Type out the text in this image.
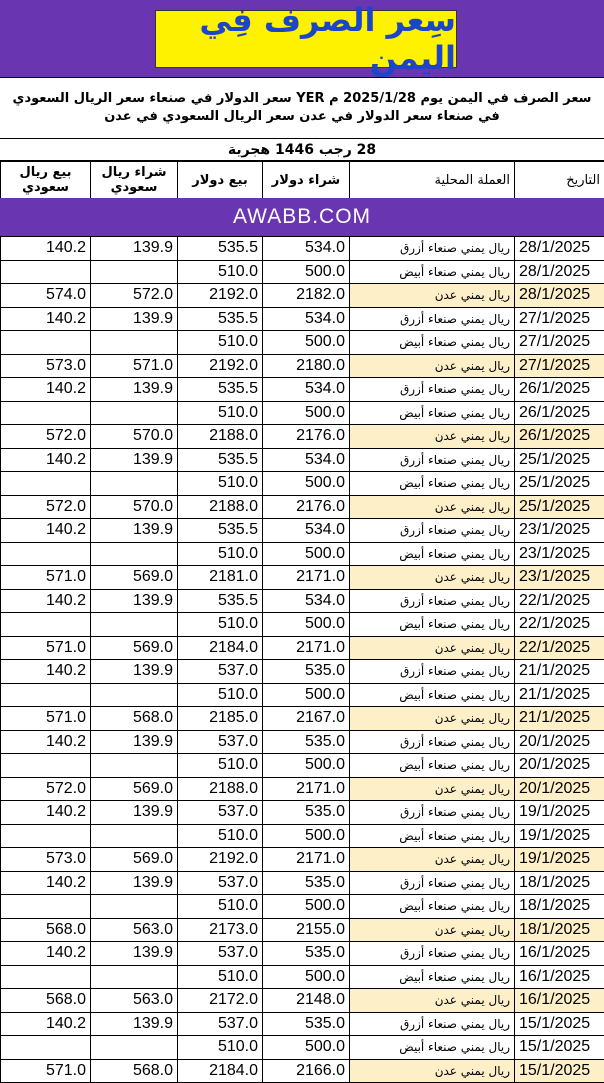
سِعر الصرف فِي اليمن
سعر الصرف في اليمن يوم 2025/1/28 م YER سعر الدولار في صنعاء سعر الريال السعودي في صنعاء سعر الدولار في عدن سعر الريال السعودي في عدن
28 رجب 1446 هجرية
التاريخ	العملة المحلية	شراء دولار	بيع دولار	شراء ريال سعودي	بيع ريال سعودي
AWABB.COM
28/1/2025	ريال يمني صنعاء أزرق	534.0	535.5	139.9	140.2
28/1/2025	ريال يمني صنعاء أبيض	500.0	510.0		
28/1/2025	ريال يمني عدن	2182.0	2192.0	572.0	574.0
27/1/2025	ريال يمني صنعاء أزرق	534.0	535.5	139.9	140.2
27/1/2025	ريال يمني صنعاء أبيض	500.0	510.0		
27/1/2025	ريال يمني عدن	2180.0	2192.0	571.0	573.0
26/1/2025	ريال يمني صنعاء أزرق	534.0	535.5	139.9	140.2
26/1/2025	ريال يمني صنعاء أبيض	500.0	510.0		
26/1/2025	ريال يمني عدن	2176.0	2188.0	570.0	572.0
25/1/2025	ريال يمني صنعاء أزرق	534.0	535.5	139.9	140.2
25/1/2025	ريال يمني صنعاء أبيض	500.0	510.0		
25/1/2025	ريال يمني عدن	2176.0	2188.0	570.0	572.0
23/1/2025	ريال يمني صنعاء أزرق	534.0	535.5	139.9	140.2
23/1/2025	ريال يمني صنعاء أبيض	500.0	510.0		
23/1/2025	ريال يمني عدن	2171.0	2181.0	569.0	571.0
22/1/2025	ريال يمني صنعاء أزرق	534.0	535.5	139.9	140.2
22/1/2025	ريال يمني صنعاء أبيض	500.0	510.0		
22/1/2025	ريال يمني عدن	2171.0	2184.0	569.0	571.0
21/1/2025	ريال يمني صنعاء أزرق	535.0	537.0	139.9	140.2
21/1/2025	ريال يمني صنعاء أبيض	500.0	510.0		
21/1/2025	ريال يمني عدن	2167.0	2185.0	568.0	571.0
20/1/2025	ريال يمني صنعاء أزرق	535.0	537.0	139.9	140.2
20/1/2025	ريال يمني صنعاء أبيض	500.0	510.0		
20/1/2025	ريال يمني عدن	2171.0	2188.0	569.0	572.0
19/1/2025	ريال يمني صنعاء أزرق	535.0	537.0	139.9	140.2
19/1/2025	ريال يمني صنعاء أبيض	500.0	510.0		
19/1/2025	ريال يمني عدن	2171.0	2192.0	569.0	573.0
18/1/2025	ريال يمني صنعاء أزرق	535.0	537.0	139.9	140.2
18/1/2025	ريال يمني صنعاء أبيض	500.0	510.0		
18/1/2025	ريال يمني عدن	2155.0	2173.0	563.0	568.0
16/1/2025	ريال يمني صنعاء أزرق	535.0	537.0	139.9	140.2
16/1/2025	ريال يمني صنعاء أبيض	500.0	510.0		
16/1/2025	ريال يمني عدن	2148.0	2172.0	563.0	568.0
15/1/2025	ريال يمني صنعاء أزرق	535.0	537.0	139.9	140.2
15/1/2025	ريال يمني صنعاء أبيض	500.0	510.0		
15/1/2025	ريال يمني عدن	2166.0	2184.0	568.0	571.0
